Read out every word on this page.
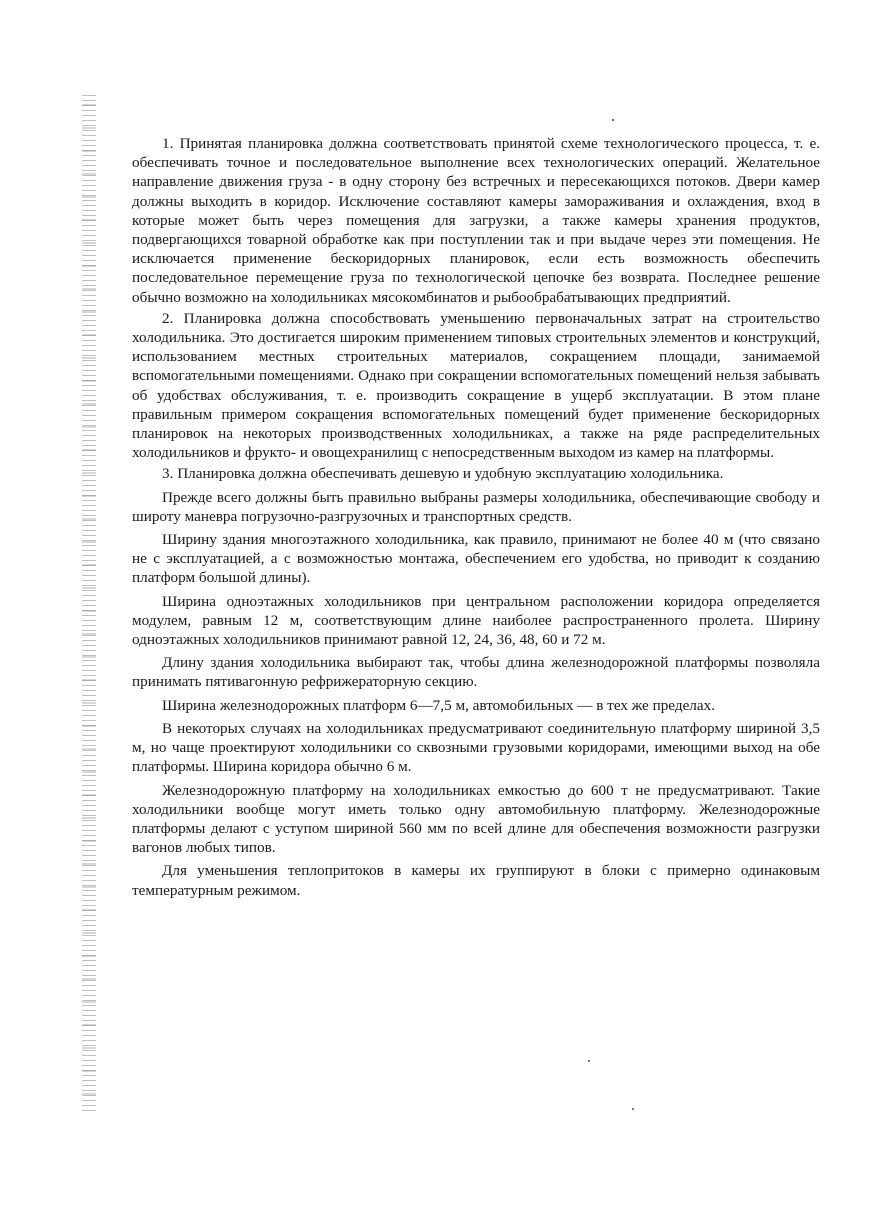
1. Принятая планировка должна соответствовать принятой схеме технологического процесса, т. е. обеспечивать точное и последовательное выполнение всех технологических операций. Желательное направление движения груза - в одну сторону без встречных и пересекающихся потоков. Двери камер должны выходить в коридор. Исключение составляют камеры замораживания и охлаждения, вход в которые может быть через помещения для загрузки, а также камеры хранения продуктов, подвергающихся товарной обработке как при поступлении так и при выдаче через эти помещения. Не исключается применение бескоридорных планировок, если есть возможность обеспечить последовательное перемещение груза по технологической цепочке без возврата. Последнее решение обычно возможно на холодильниках мясокомбинатов и рыбообрабатывающих предприятий.

2. Планировка должна способствовать уменьшению первоначальных затрат на строительство холодильника. Это достигается широким применением типовых строительных элементов и конструкций, использованием местных строительных материалов, сокращением площади, занимаемой вспомогательными помещениями. Однако при сокращении вспомогательных помещений нельзя забывать об удобствах обслуживания, т. е. производить сокращение в ущерб эксплуатации. В этом плане правильным примером сокращения вспомогательных помещений будет применение бескоридорных планировок на некоторых производственных холодильниках, а также на ряде распределительных холодильников и фрукто- и овощехранилищ с непосредственным выходом из камер на платформы.

3. Планировка должна обеспечивать дешевую и удобную эксплуатацию холодильника.

Прежде всего должны быть правильно выбраны размеры холодильника, обеспечивающие свободу и широту маневра погрузочно-разгрузочных и транспортных средств.

Ширину здания многоэтажного холодильника, как правило, принимают не более 40 м (что связано не с эксплуатацией, а с возможностью монтажа, обеспечением его удобства, но приводит к созданию платформ большой длины).

Ширина одноэтажных холодильников при центральном расположении коридора определяется модулем, равным 12 м, соответствующим длине наиболее распространенного пролета. Ширину одноэтажных холодильников принимают равной 12, 24, 36, 48, 60 и 72 м.

Длину здания холодильника выбирают так, чтобы длина железнодорожной платформы позволяла принимать пятивагонную рефрижераторную секцию.

Ширина железнодорожных платформ 6—7,5 м, автомобильных — в тех же пределах.

В некоторых случаях на холодильниках предусматривают соединительную платформу шириной 3,5 м, но чаще проектируют холодильники со сквозными грузовыми коридорами, имеющими выход на обе платформы. Ширина коридора обычно 6 м.

Железнодорожную платформу на холодильниках емкостью до 600 т не предусматривают. Такие холодильники вообще могут иметь только одну автомобильную платформу. Железнодорожные платформы делают с уступом шириной 560 мм по всей длине для обеспечения возможности разгрузки вагонов любых типов.

Для уменьшения теплопритоков в камеры их группируют в блоки с примерно одинаковым температурным режимом.
